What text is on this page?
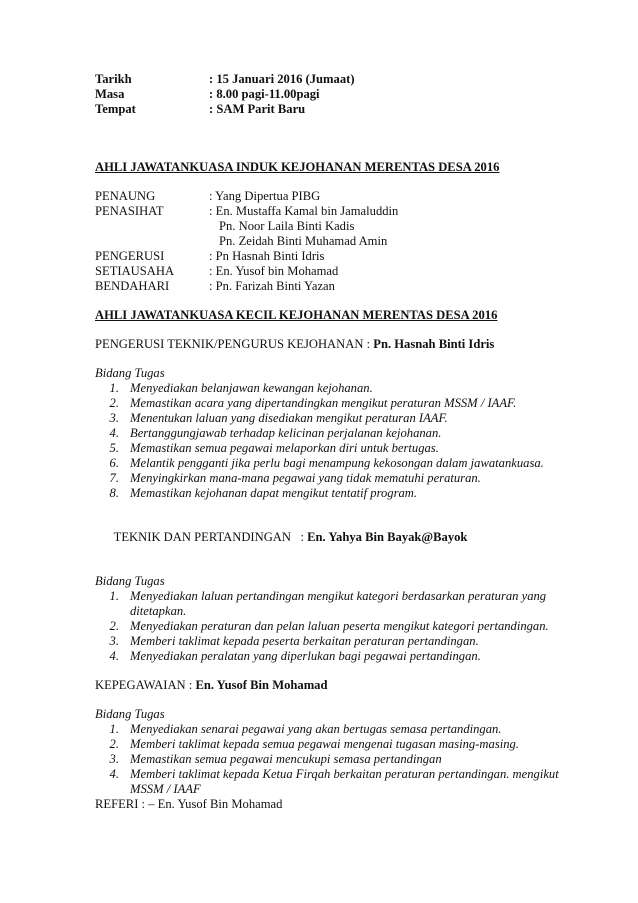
Tarikh	: 15 Januari 2016 (Jumaat)
Masa	: 8.00 pagi-11.00pagi
Tempat	: SAM Parit Baru
AHLI JAWATANKUASA INDUK KEJOHANAN MERENTAS DESA 2016
PENAUNG	: Yang Dipertua PIBG
PENASIHAT	: En. Mustaffa Kamal bin Jamaluddin
Pn. Noor Laila Binti Kadis
Pn. Zeidah Binti Muhamad Amin
PENGERUSI	: Pn Hasnah Binti Idris
SETIAUSAHA	: En. Yusof bin Mohamad
BENDAHARI	: Pn. Farizah Binti Yazan
AHLI JAWATANKUASA KECIL KEJOHANAN MERENTAS DESA 2016
PENGERUSI TEKNIK/PENGURUS KEJOHANAN : Pn. Hasnah Binti Idris
Bidang Tugas
1. Menyediakan belanjawan kewangan kejohanan.
2. Memastikan acara yang dipertandingkan mengikut peraturan MSSM / IAAF.
3. Menentukan laluan yang disediakan mengikut peraturan IAAF.
4. Bertanggungjawab terhadap kelicinan perjalanan kejohanan.
5. Memastikan semua pegawai melaporkan diri untuk bertugas.
6. Melantik pengganti jika perlu bagi menampung kekosongan dalam jawatankuasa.
7. Menyingkirkan mana-mana pegawai yang tidak mematuhi peraturan.
8. Memastikan kejohanan dapat mengikut tentatif program.

TEKNIK DAN PERTANDINGAN   : En. Yahya Bin Bayak@Bayok

Bidang Tugas
1. Menyediakan laluan pertandingan mengikut kategori berdasarkan peraturan yang ditetapkan.
2. Menyediakan peraturan dan pelan laluan peserta mengikut kategori pertandingan.
3. Memberi taklimat kepada peserta berkaitan peraturan pertandingan.
4. Menyediakan peralatan yang diperlukan bagi pegawai pertandingan.
KEPEGAWAIAN : En. Yusof Bin Mohamad
Bidang Tugas
1. Menyediakan senarai pegawai yang akan bertugas semasa pertandingan.
2. Memberi taklimat kepada semua pegawai mengenai tugasan masing-masing.
3. Memastikan semua pegawai mencukupi semasa pertandingan
4. Memberi taklimat kepada Ketua Firqah berkaitan peraturan pertandingan. mengikut MSSM / IAAF
REFERI : – En. Yusof Bin Mohamad
